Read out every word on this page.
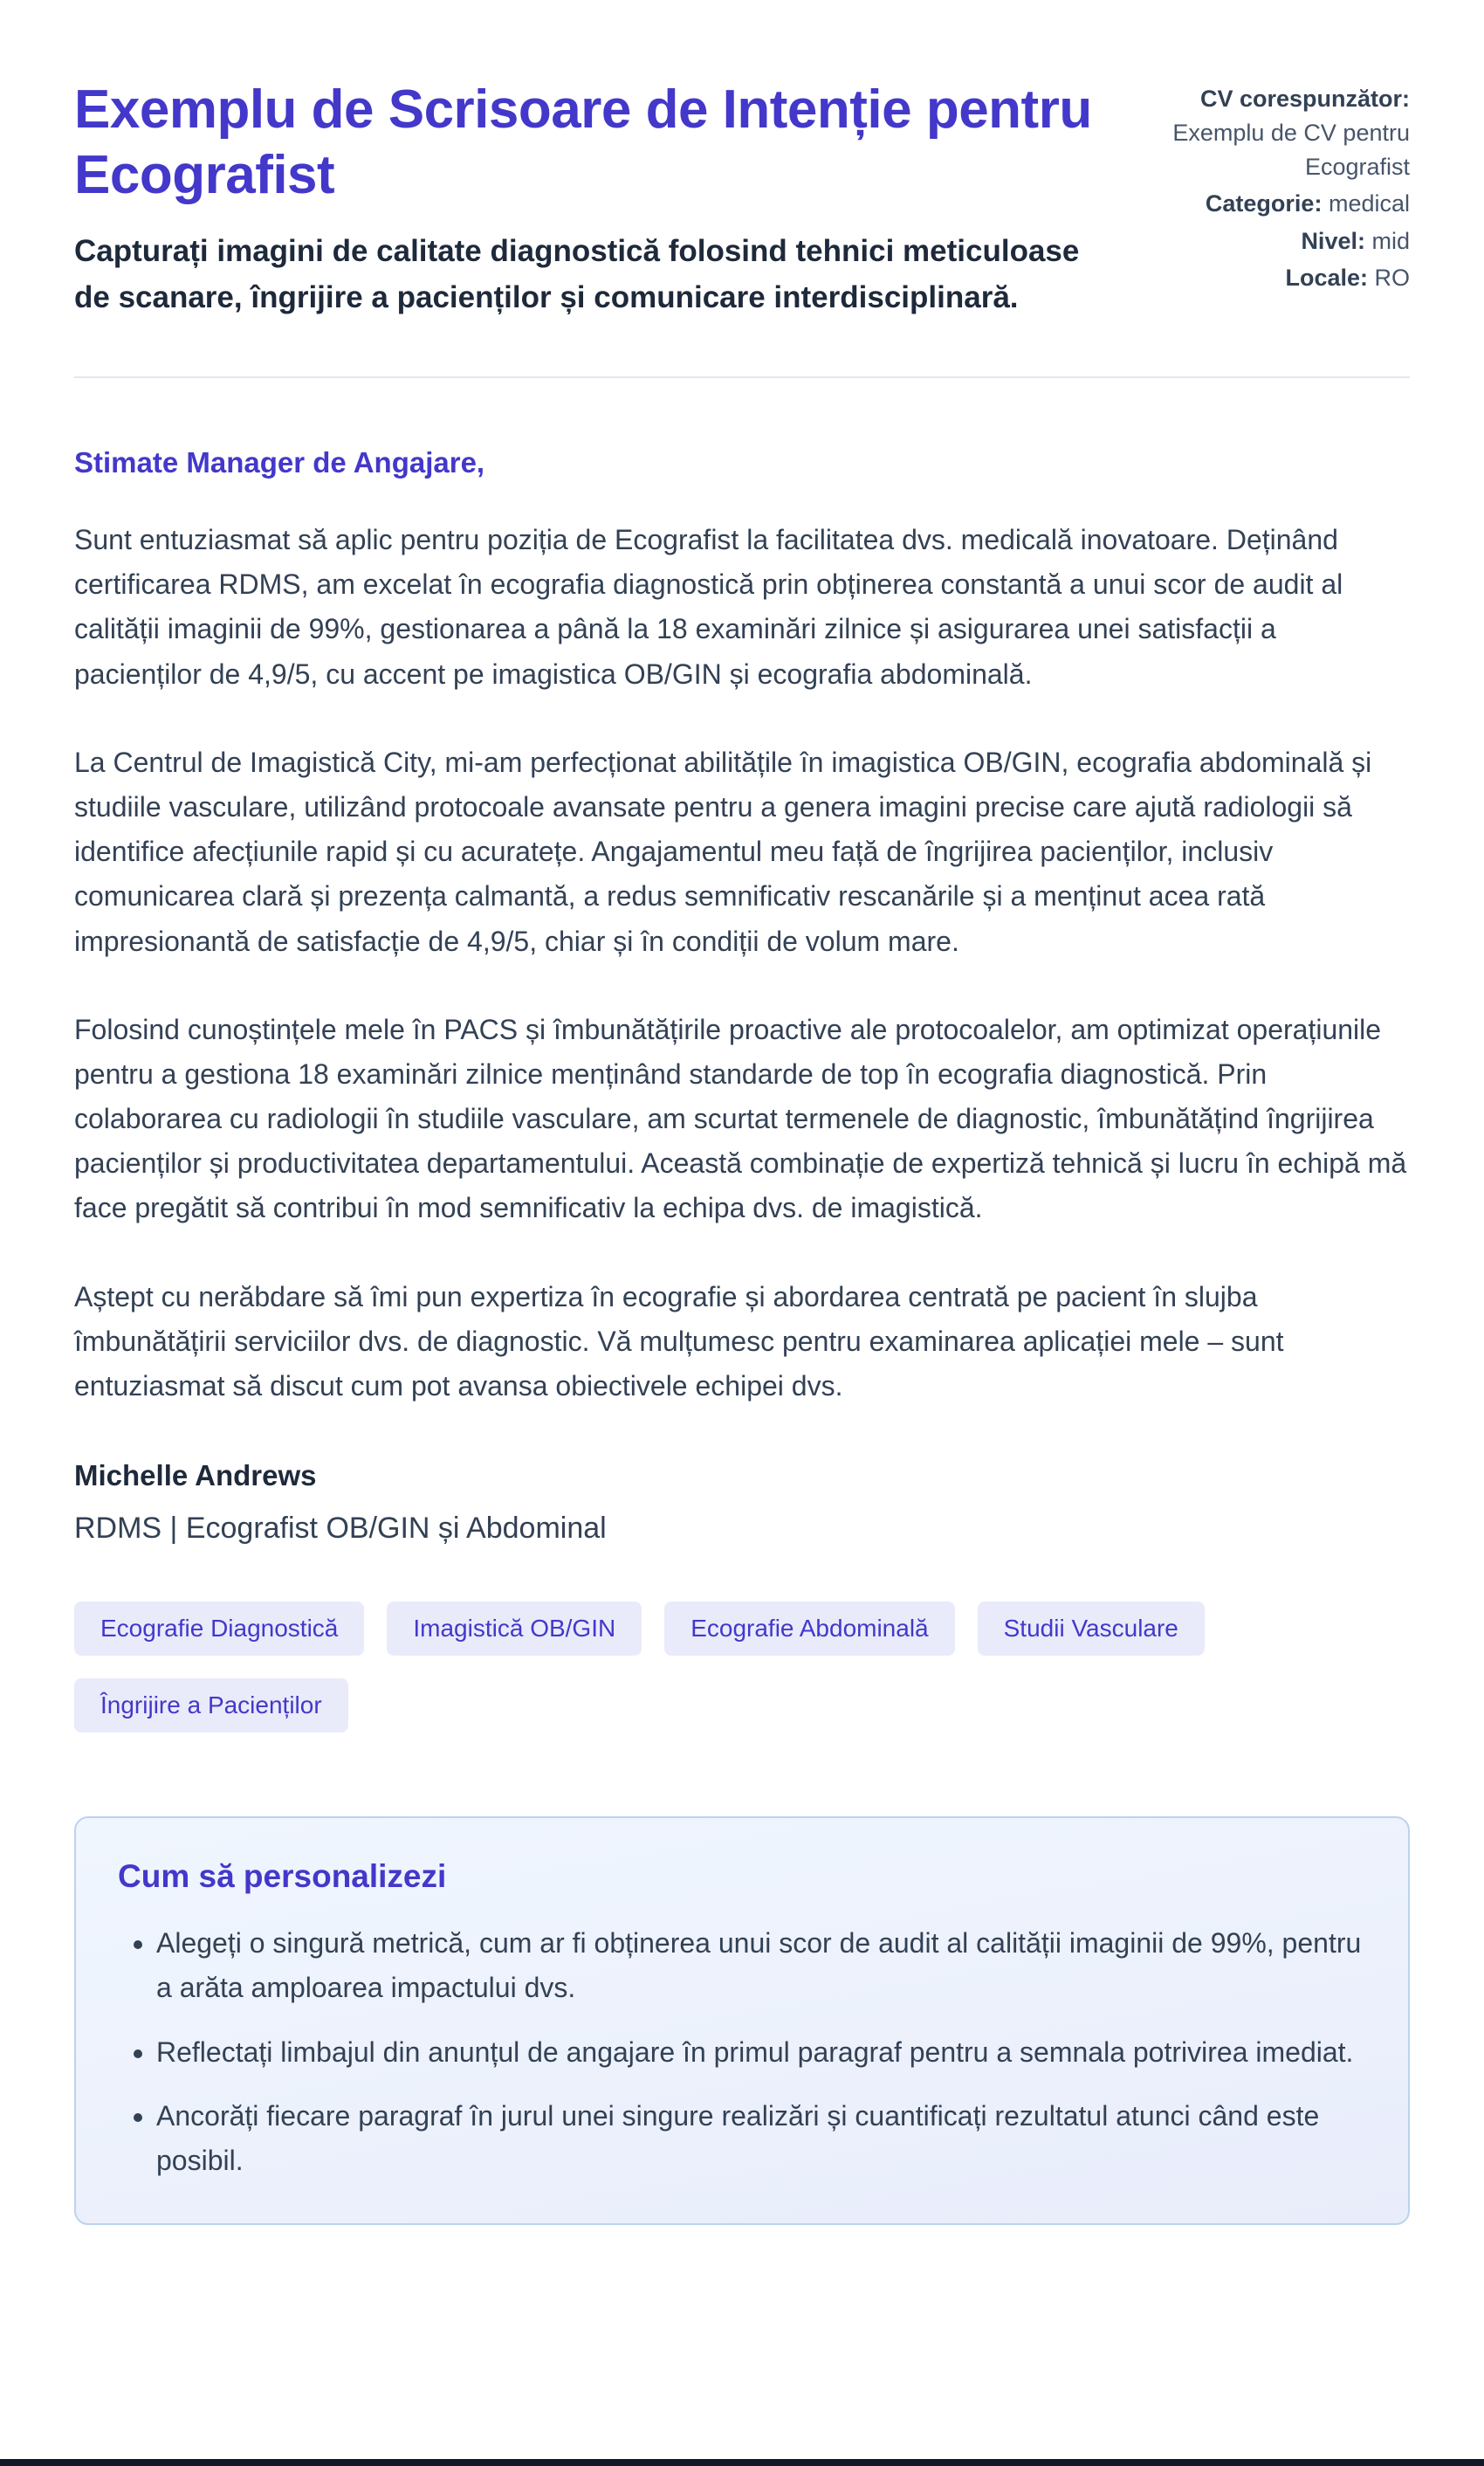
Exemplu de Scrisoare de Intenție pentru Ecografist

Capturați imagini de calitate diagnostică folosind tehnici meticuloase de scanare, îngrijire a pacienților și comunicare interdisciplinară.

CV corespunzător: Exemplu de CV pentru Ecografist
Categorie: medical
Nivel: mid
Locale: RO

Stimate Manager de Angajare,

Sunt entuziasmat să aplic pentru poziția de Ecografist la facilitatea dvs. medicală inovatoare. Deținând certificarea RDMS, am excelat în ecografia diagnostică prin obținerea constantă a unui scor de audit al calității imaginii de 99%, gestionarea a până la 18 examinări zilnice și asigurarea unei satisfacții a pacienților de 4,9/5, cu accent pe imagistica OB/GIN și ecografia abdominală.

La Centrul de Imagistică City, mi-am perfecționat abilitățile în imagistica OB/GIN, ecografia abdominală și studiile vasculare, utilizând protocoale avansate pentru a genera imagini precise care ajută radiologii să identifice afecțiunile rapid și cu acuratețe. Angajamentul meu față de îngrijirea pacienților, inclusiv comunicarea clară și prezența calmantă, a redus semnificativ rescanările și a menținut acea rată impresionantă de satisfacție de 4,9/5, chiar și în condiții de volum mare.

Folosind cunoștințele mele în PACS și îmbunătățirile proactive ale protocoalelor, am optimizat operațiunile pentru a gestiona 18 examinări zilnice menținând standarde de top în ecografia diagnostică. Prin colaborarea cu radiologii în studiile vasculare, am scurtat termenele de diagnostic, îmbunătățind îngrijirea pacienților și productivitatea departamentului. Această combinație de expertiză tehnică și lucru în echipă mă face pregătit să contribui în mod semnificativ la echipa dvs. de imagistică.

Aștept cu nerăbdare să îmi pun expertiza în ecografie și abordarea centrată pe pacient în slujba îmbunătățirii serviciilor dvs. de diagnostic. Vă mulțumesc pentru examinarea aplicației mele – sunt entuziasmat să discut cum pot avansa obiectivele echipei dvs.

Michelle Andrews

RDMS | Ecografist OB/GIN și Abdominal

Ecografie Diagnostică	Imagistică OB/GIN	Ecografie Abdominală	Studii Vasculare
Îngrijire a Pacienților
Cum să personalizezi
• Alegeți o singură metrică, cum ar fi obținerea unui scor de audit al calității imaginii de 99%, pentru a arăta amploarea impactului dvs.
• Reflectați limbajul din anunțul de angajare în primul paragraf pentru a semnala potrivirea imediat.
• Ancorăți fiecare paragraf în jurul unei singure realizări și cuantificați rezultatul atunci când este posibil.
